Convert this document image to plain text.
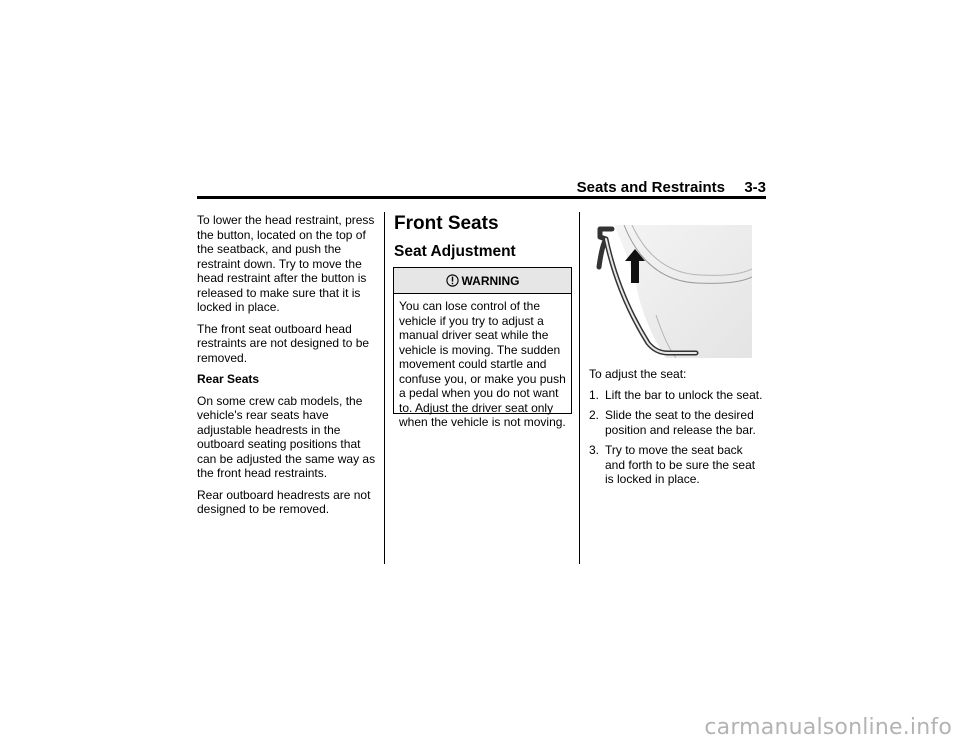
Seats and Restraints	3-3

To lower the head restraint, press the button, located on the top of the seatback, and push the restraint down. Try to move the head restraint after the button is released to make sure that it is locked in place.

The front seat outboard head restraints are not designed to be removed.

Rear Seats

On some crew cab models, the vehicle's rear seats have adjustable headrests in the outboard seating positions that can be adjusted the same way as the front head restraints.

Rear outboard headrests are not designed to be removed.

Front Seats
Seat Adjustment
WARNING
You can lose control of the vehicle if you try to adjust a manual driver seat while the vehicle is moving. The sudden movement could startle and confuse you, or make you push a pedal when you do not want to. Adjust the driver seat only when the vehicle is not moving.

To adjust the seat:

1. Lift the bar to unlock the seat.
2. Slide the seat to the desired position and release the bar.
3. Try to move the seat back and forth to be sure the seat is locked in place.
carmanualsonline.info
